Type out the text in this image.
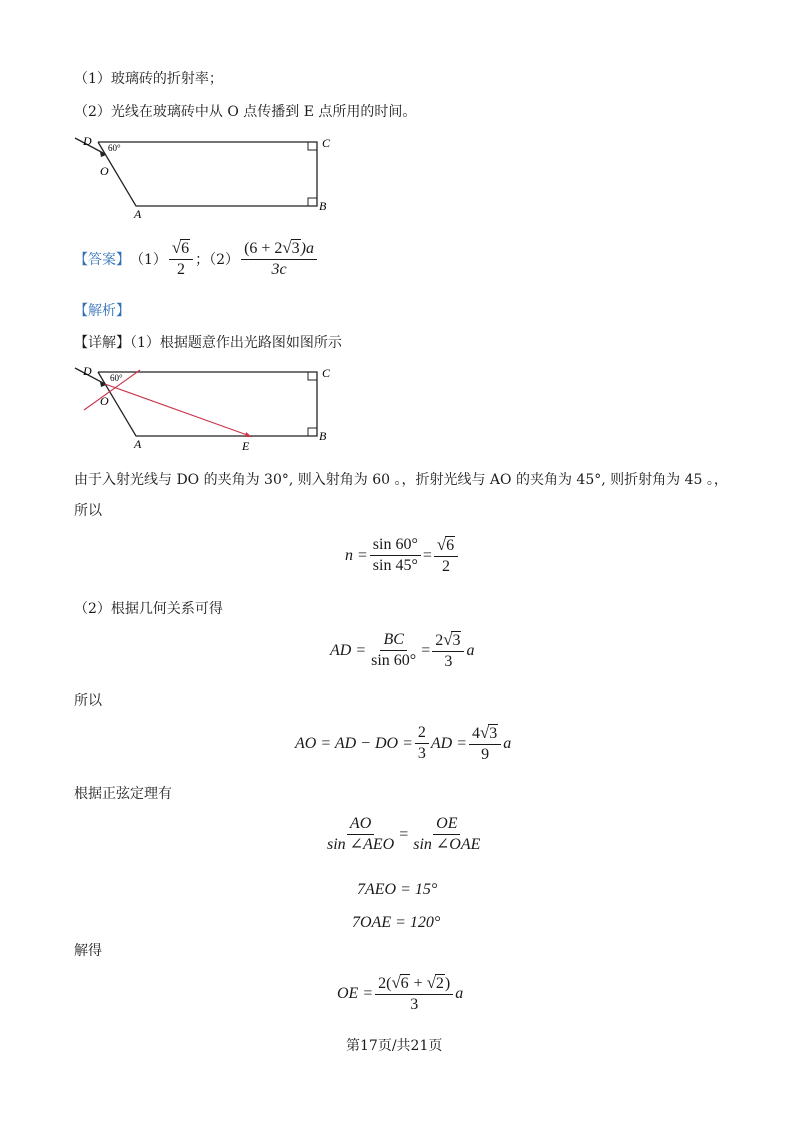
（1）玻璃砖的折射率；
（2）光线在玻璃砖中从 O 点传播到 E 点所用的时间。
D 60°	C
O
A
B
【答案】 $(1) \frac{√6}{2}$ ；$(2) \frac{(6 + 2√3)a}{3c}$
【解析】
【详解】（1）根据题意作出光路图如图所示
D 60°	C
O
A	E
B
由于入射光线与 DO 的夹角为 30°, 则入射角为 60 。，折射光线与 AO 的夹角为 45°, 则折射角为 45 。，
所以
$n = \frac{\sin 60^\circ}{\sin 45^\circ} = \frac{√6}{2}$
（2）根据几何关系可得
AD = $\frac{BC}{\sin 60^\circ} = \frac{2√3}{3}$ a
所以
AO = AD − DO = $\frac{2}{3}$ AD = $\frac{4√3}{9}$ a
根据正弦定理有
$\frac{AO}{\text{sin ∠AEO}} = \frac{OE}{\text{sin ∠OAE}}$
7AEO = 15°
7OAE = 120°
解得
OE = $\frac{2(√6 + √2)}{3}$ a
第17页/共21页
